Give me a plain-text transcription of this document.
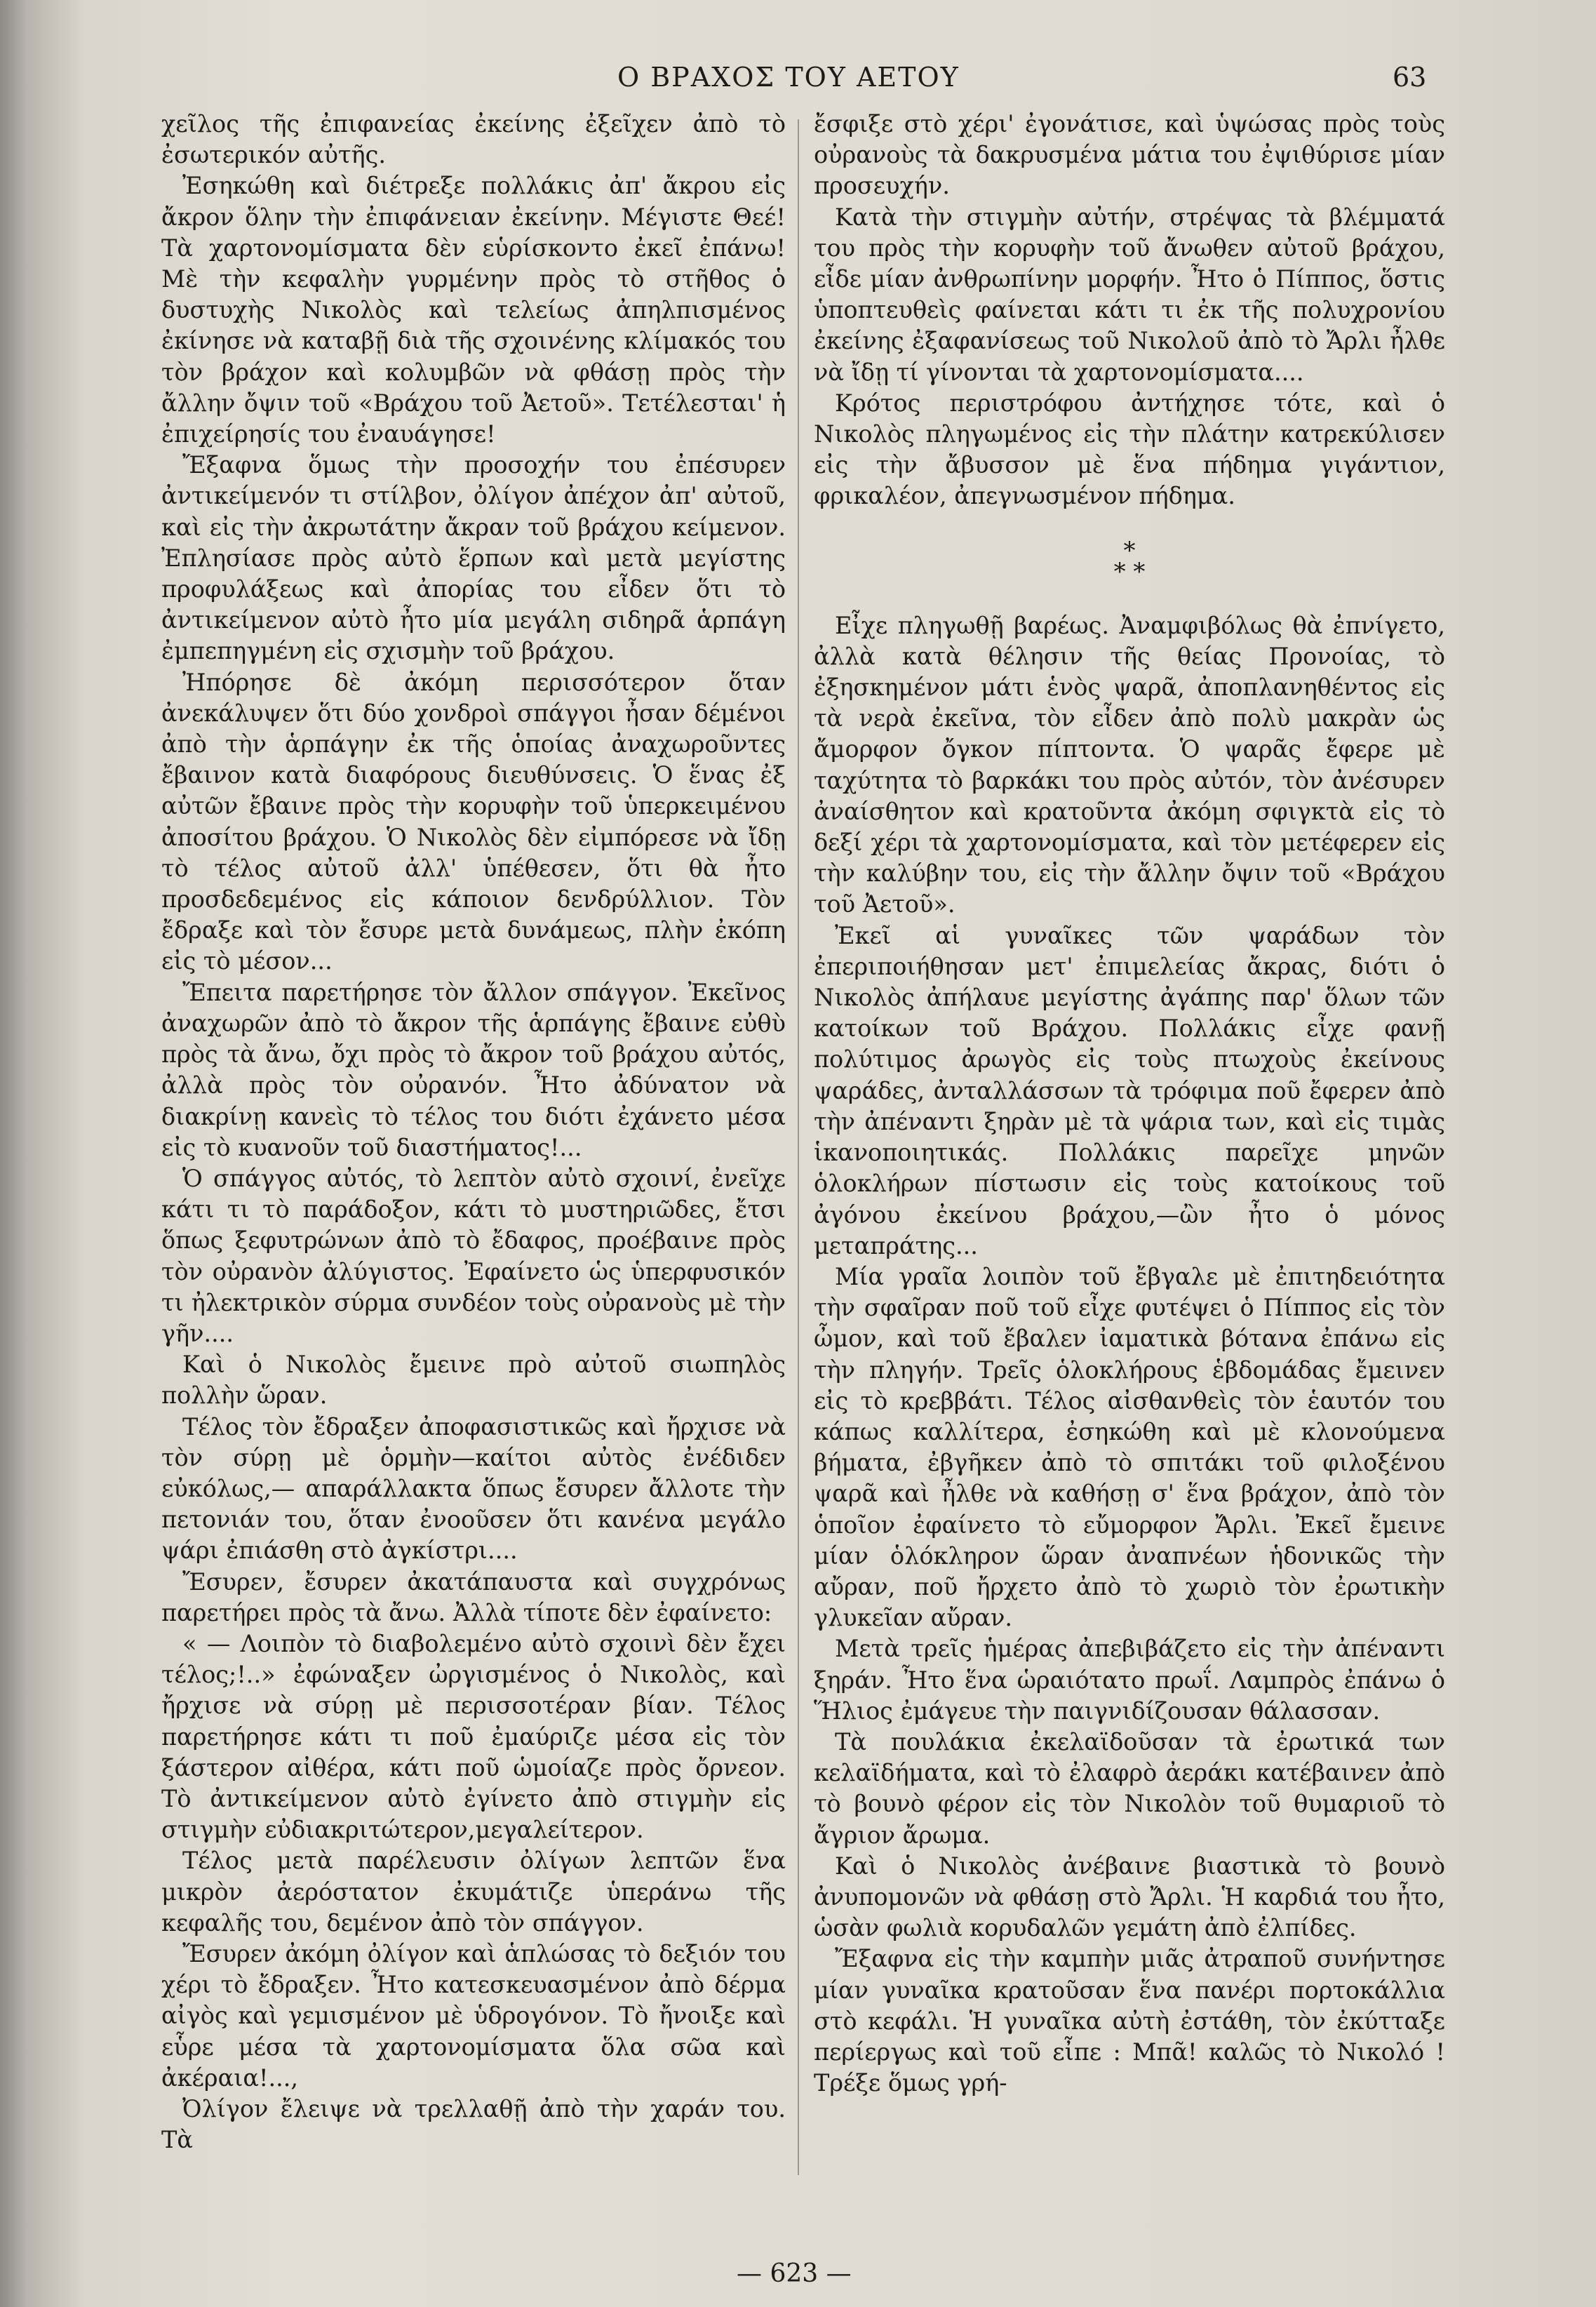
Ο ΒΡΑΧΟΣ ΤΟΥ ΑΕΤΟΥ	63

χεῖλος τῆς ἐπιφανείας ἐκείνης ἐξεῖχεν ἀπὸ τὸ ἐσωτερικόν αὐτῆς.

Ἐσηκώθη καὶ διέτρεξε πολλάκις ἀπ' ἄκρου εἰς ἄκρον ὅλην τὴν ἐπιφάνειαν ἐκείνην. Μέγιστε Θεέ! Τὰ χαρτονομίσματα δὲν εὑρίσκοντο ἐκεῖ ἐπάνω! Μὲ τὴν κεφαλὴν γυρμένην πρὸς τὸ στῆθος ὁ δυστυχὴς Νικολὸς καὶ τελείως ἀπηλπισμένος ἐκίνησε νὰ καταβῇ διὰ τῆς σχοινένης κλίμακός του τὸν βράχον καὶ κολυμβῶν νὰ φθάσῃ πρὸς τὴν ἄλλην ὄψιν τοῦ «Βράχου τοῦ Ἀετοῦ». Τετέλεσται' ἡ ἐπιχείρησίς του ἐναυάγησε!

Ἔξαφνα ὅμως τὴν προσοχήν του ἐπέσυρεν ἀντικείμενόν τι στίλβον, ὀλίγον ἀπέχον ἀπ' αὐτοῦ, καὶ εἰς τὴν ἀκρωτάτην ἄκραν τοῦ βράχου κείμενον. Ἐπλησίασε πρὸς αὐτὸ ἕρπων καὶ μετὰ μεγίστης προφυλάξεως καὶ ἀπορίας του εἶδεν ὅτι τὸ ἀντικείμενον αὐτὸ ἦτο μία μεγάλη σιδηρᾶ ἁρπάγη ἐμπεπηγμένη εἰς σχισμὴν τοῦ βράχου.

Ἠπόρησε δὲ ἀκόμη περισσότερον ὅταν ἀνεκάλυψεν ὅτι δύο χονδροὶ σπάγγοι ἦσαν δέμένοι ἀπὸ τὴν ἁρπάγην ἐκ τῆς ὁποίας ἀναχωροῦντες ἔβαινον κατὰ διαφόρους διευθύνσεις. Ὁ ἕνας ἐξ αὐτῶν ἔβαινε πρὸς τὴν κορυφὴν τοῦ ὑπερκειμένου ἀποσίτου βράχου. Ὁ Νικολὸς δὲν εἰμπόρεσε νὰ ἴδῃ τὸ τέλος αὐτοῦ ἀλλ' ὑπέθεσεν, ὅτι θὰ ἦτο προσδεδεμένος εἰς κάποιον δενδρύλλιον. Τὸν ἔδραξε καὶ τὸν ἔσυρε μετὰ δυνάμεως, πλὴν ἐκόπη εἰς τὸ μέσον...

Ἔπειτα παρετήρησε τὸν ἄλλον σπάγγον. Ἐκεῖνος ἀναχωρῶν ἀπὸ τὸ ἄκρον τῆς ἁρπάγης ἔβαινε εὐθὺ πρὸς τὰ ἄνω, ὄχι πρὸς τὸ ἄκρον τοῦ βράχου αὐτός, ἀλλὰ πρὸς τὸν οὐρανόν. Ἦτο ἀδύνατον νὰ διακρίνῃ κανεὶς τὸ τέλος του διότι ἐχάνετο μέσα εἰς τὸ κυανοῦν τοῦ διαστήματος!...

Ὁ σπάγγος αὐτός, τὸ λεπτὸν αὐτὸ σχοινί, ἐνεῖχε κάτι τι τὸ παράδοξον, κάτι τὸ μυστηριῶδες, ἔτσι ὅπως ξεφυτρώνων ἀπὸ τὸ ἔδαφος, προέβαινε πρὸς τὸν οὐρανὸν ἀλύγιστος. Ἐφαίνετο ὡς ὑπερφυσικόν τι ἠλεκτρικὸν σύρμα συνδέον τοὺς οὐρανοὺς μὲ τὴν γῆν....

Καὶ ὁ Νικολὸς ἔμεινε πρὸ αὐτοῦ σιωπηλὸς πολλὴν ὥραν.

Τέλος τὸν ἔδραξεν ἀποφασιστικῶς καὶ ἤρχισε νὰ τὸν σύρῃ μὲ ὁρμὴν—καίτοι αὐτὸς ἐνέδιδεν εὐκόλως,— απαράλλακτα ὅπως ἔσυρεν ἄλλοτε τὴν πετονιάν του, ὅταν ἐνοοῦσεν ὅτι κανένα μεγάλο ψάρι ἐπιάσθη στὸ ἀγκίστρι....

Ἔσυρεν, ἔσυρεν ἀκατάπαυστα καὶ συγχρόνως παρετήρει πρὸς τὰ ἄνω. Ἀλλὰ τίποτε δὲν ἐφαίνετο:

« — Λοιπὸν τὸ διαβολεμένο αὐτὸ σχοινὶ δὲν ἔχει τέλος;!..» ἐφώναξεν ὠργισμένος ὁ Νικολὸς, καὶ ἤρχισε νὰ σύρῃ μὲ περισσοτέραν βίαν. Τέλος παρετήρησε κάτι τι ποῦ ἐμαύριζε μέσα εἰς τὸν ξάστερον αἰθέρα, κάτι ποῦ ὡμοίαζε πρὸς ὄρνεον. Τὸ ἀντικείμενον αὐτὸ ἐγίνετο ἀπὸ στιγμὴν εἰς στιγμὴν εὐδιακριτώτερον,μεγαλείτερον.

Τέλος μετὰ παρέλευσιν ὀλίγων λεπτῶν ἕνα μικρὸν ἀερόστατον ἐκυμάτιζε ὑπεράνω τῆς κεφαλῆς του, δεμένον ἀπὸ τὸν σπάγγον.

Ἔσυρεν ἀκόμη ὀλίγον καὶ ἁπλώσας τὸ δεξιόν του χέρι τὸ ἔδραξεν. Ἦτο κατεσκευασμένον ἀπὸ δέρμα αἰγὸς καὶ γεμισμένον μὲ ὑδρογόνον. Τὸ ἤνοιξε καὶ εὗρε μέσα τὰ χαρτονομίσματα ὅλα σῶα καὶ ἀκέραια!...,

Ὀλίγον ἔλειψε νὰ τρελλαθῇ ἀπὸ τὴν χαράν του. Τὰ

ἔσφιξε στὸ χέρι' ἐγονάτισε, καὶ ὑψώσας πρὸς τοὺς οὐρανοὺς τὰ δακρυσμένα μάτια του ἐψιθύρισε μίαν προσευχήν.

Κατὰ τὴν στιγμὴν αὐτήν, στρέψας τὰ βλέμματά του πρὸς τὴν κορυφὴν τοῦ ἄνωθεν αὐτοῦ βράχου, εἶδε μίαν ἀνθρωπίνην μορφήν. Ἦτο ὁ Πίππος, ὅστις ὑποπτευθεὶς φαίνεται κάτι τι ἐκ τῆς πολυχρονίου ἐκείνης ἐξαφανίσεως τοῦ Νικολοῦ ἀπὸ τὸ Ἄρλι ἦλθε νὰ ἴδῃ τί γίνονται τὰ χαρτονομίσματα....

Κρότος περιστρόφου ἀντήχησε τότε, καὶ ὁ Νικολὸς πληγωμένος εἰς τὴν πλάτην κατρεκύλισεν εἰς τὴν ἄβυσσον μὲ ἕνα πήδημα γιγάντιον, φρικαλέον, ἀπεγνωσμένον πήδημα.

*
* *

Εἶχε πληγωθῇ βαρέως. Ἀναμφιβόλως θὰ ἐπνίγετο, ἀλλὰ κατὰ θέλησιν τῆς θείας Προνοίας, τὸ ἐξησκημένον μάτι ἑνὸς ψαρᾶ, ἀποπλανηθέντος εἰς τὰ νερὰ ἐκεῖνα, τὸν εἶδεν ἀπὸ πολὺ μακρὰν ὡς ἄμορφον ὄγκον πίπτοντα. Ὁ ψαρᾶς ἔφερε μὲ ταχύτητα τὸ βαρκάκι του πρὸς αὐτόν, τὸν ἀνέσυρεν ἀναίσθητον καὶ κρατοῦντα ἀκόμη σφιγκτὰ εἰς τὸ δεξί χέρι τὰ χαρτονομίσματα, καὶ τὸν μετέφερεν εἰς τὴν καλύβην του, εἰς τὴν ἄλλην ὄψιν τοῦ «Βράχου τοῦ Ἀετοῦ».

Ἐκεῖ αἱ γυναῖκες τῶν ψαράδων τὸν ἐπεριποιήθησαν μετ' ἐπιμελείας ἄκρας, διότι ὁ Νικολὸς ἀπήλαυε μεγίστης ἀγάπης παρ' ὅλων τῶν κατοίκων τοῦ Βράχου. Πολλάκις εἶχε φανῇ πολύτιμος ἀρωγὸς εἰς τοὺς πτωχοὺς ἐκείνους ψαράδες, ἀνταλλάσσων τὰ τρόφιμα ποῦ ἔφερεν ἀπὸ τὴν ἀπέναντι ξηρὰν μὲ τὰ ψάρια των, καὶ εἰς τιμὰς ἱκανοποιητικάς. Πολλάκις παρεῖχε μηνῶν ὁλοκλήρων πίστωσιν εἰς τοὺς κατοίκους τοῦ ἀγόνου ἐκείνου βράχου,—ὢν ἦτο ὁ μόνος μεταπράτης...

Μία γραῖα λοιπὸν τοῦ ἔβγαλε μὲ ἐπιτηδειότητα τὴν σφαῖραν ποῦ τοῦ εἶχε φυτέψει ὁ Πίππος εἰς τὸν ὦμον, καὶ τοῦ ἔβαλεν ἰαματικὰ βότανα ἐπάνω εἰς τὴν πληγήν. Τρεῖς ὁλοκλήρους ἑβδομάδας ἔμεινεν εἰς τὸ κρεββάτι. Τέλος αἰσθανθεὶς τὸν ἑαυτόν του κάπως καλλίτερα, ἐσηκώθη καὶ μὲ κλονούμενα βήματα, ἐβγῆκεν ἀπὸ τὸ σπιτάκι τοῦ φιλοξένου ψαρᾶ καὶ ἦλθε νὰ καθήσῃ σ' ἕνα βράχον, ἀπὸ τὸν ὁποῖον ἐφαίνετο τὸ εὔμορφον Ἄρλι. Ἐκεῖ ἔμεινε μίαν ὁλόκληρον ὥραν ἀναπνέων ἡδονικῶς τὴν αὔραν, ποῦ ἤρχετο ἀπὸ τὸ χωριὸ τὸν ἐρωτικὴν γλυκεῖαν αὔραν.

Μετὰ τρεῖς ἡμέρας ἀπεβιβάζετο εἰς τὴν ἀπέναντι ξηράν. Ἦτο ἕνα ὡραιότατο πρωΐ. Λαμπρὸς ἐπάνω ὁ Ἥλιος ἐμάγευε τὴν παιγνιδίζουσαν θάλασσαν.

Τὰ πουλάκια ἐκελαϊδοῦσαν τὰ ἐρωτικά των κελαϊδήματα, καὶ τὸ ἐλαφρὸ ἀεράκι κατέβαινεν ἀπὸ τὸ βουνὸ φέρον εἰς τὸν Νικολὸν τοῦ θυμαριοῦ τὸ ἄγριον ἄρωμα.

Καὶ ὁ Νικολὸς ἀνέβαινε βιαστικὰ τὸ βουνὸ ἀνυπομονῶν νὰ φθάσῃ στὸ Ἄρλι. Ἡ καρδιά του ἦτο, ὡσὰν φωλιὰ κορυδαλῶν γεμάτη ἀπὸ ἐλπίδες.

Ἔξαφνα εἰς τὴν καμπὴν μιᾶς ἀτραποῦ συνήντησε μίαν γυναῖκα κρατοῦσαν ἕνα πανέρι πορτοκάλλια στὸ κεφάλι. Ἡ γυναῖκα αὐτὴ ἐστάθη, τὸν ἐκύτταξε περίεργως καὶ τοῦ εἶπε : Μπᾶ! καλῶς τὸ Νικολό ! Τρέξε ὅμως γρή-

— 623 —
